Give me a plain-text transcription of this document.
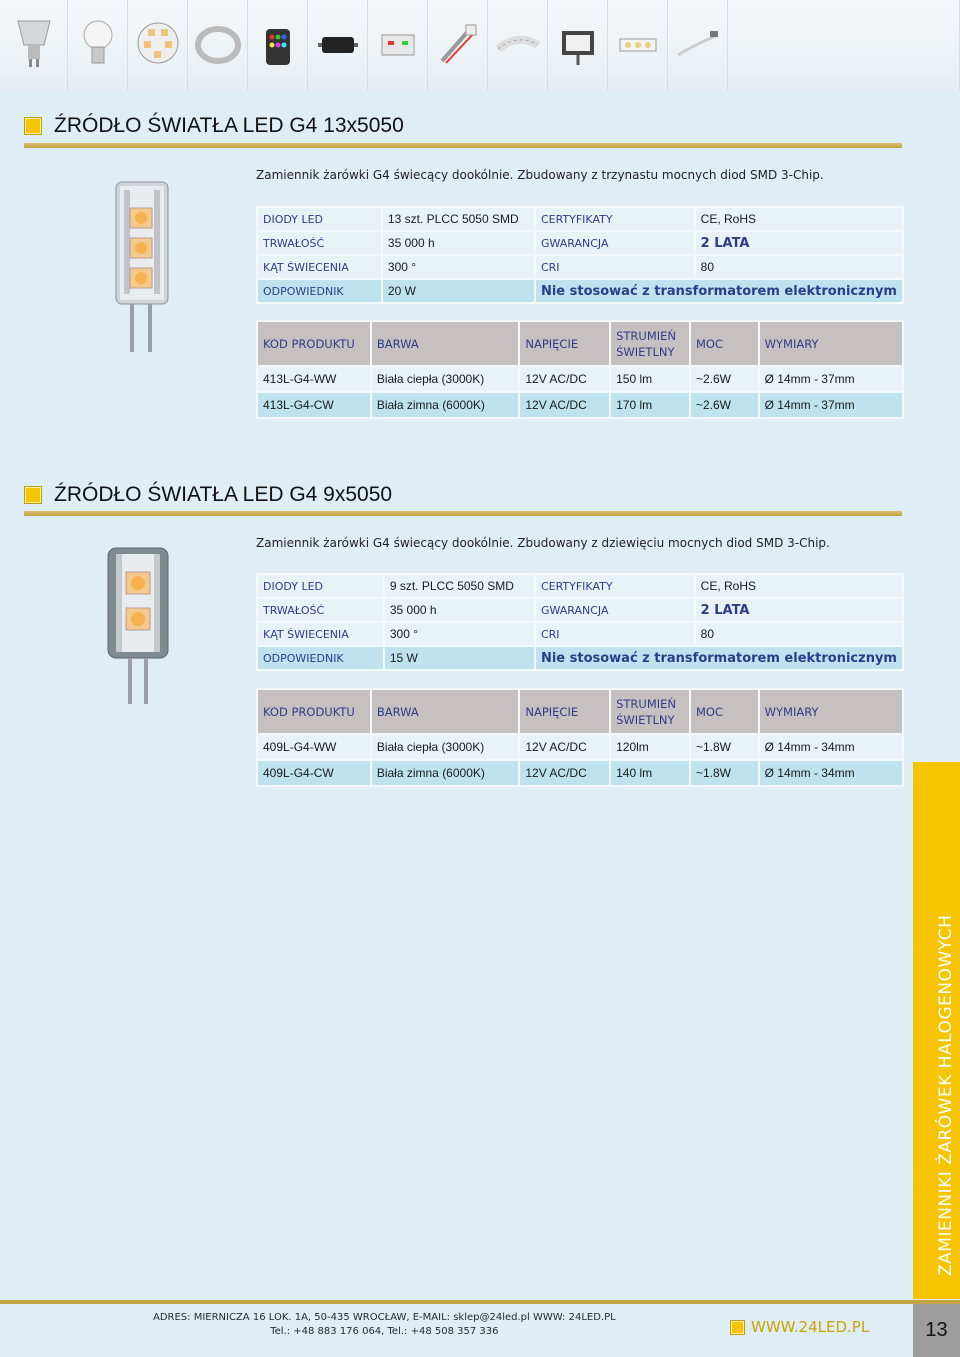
ŹRÓDŁO ŚWIATŁA LED G4 13x5050
Zamiennik żarówki G4 świecący dookólnie. Zbudowany z trzynastu mocnych diod SMD 3-Chip.
DIODY LED	13 szt. PLCC 5050 SMD	CERTYFIKATY	CE, RoHS
TRWAŁOŚĆ	35 000 h	GWARANCJA	2 LATA
KĄT ŚWIECENIA	300 °	CRI	80
ODPOWIEDNIK	20 W	Nie stosować z transformatorem elektronicznym	
KOD PRODUKTU	BARWA	NAPIĘCIE	STRUMIEŃ ŚWIETLNY	MOC	WYMIARY
413L-G4-WW	Biała ciepła (3000K)	12V AC/DC	150 lm	~2.6W	Ø 14mm - 37mm
413L-G4-CW	Biała zimna (6000K)	12V AC/DC	170 lm	~2.6W	Ø 14mm - 37mm
ŹRÓDŁO ŚWIATŁA LED G4 9x5050
Zamiennik żarówki G4 świecący dookólnie. Zbudowany z dziewięciu mocnych diod SMD 3-Chip.
DIODY LED	9 szt. PLCC 5050 SMD	CERTYFIKATY	CE, RoHS
TRWAŁOŚĆ	35 000 h	GWARANCJA	2 LATA
KĄT ŚWIECENIA	300 °	CRI	80
ODPOWIEDNIK	15 W	Nie stosować z transformatorem elektronicznym	
KOD PRODUKTU	BARWA	NAPIĘCIE	STRUMIEŃ ŚWIETLNY	MOC	WYMIARY
409L-G4-WW	Biała ciepła (3000K)	12V AC/DC	120lm	~1.8W	Ø 14mm - 34mm
409L-G4-CW	Biała zimna (6000K)	12V AC/DC	140 lm	~1.8W	Ø 14mm - 34mm
ZAMIENNIKI ŻARÓWEK HALOGENOWYCH
ADRES: MIERNICZA 16 LOK. 1A, 50-435 WROCŁAW, E-MAIL: sklep@24led.pl WWW: 24LED.PL
Tel.: +48 883 176 064, Tel.: +48 508 357 336	WWW.24LED.PL	13
